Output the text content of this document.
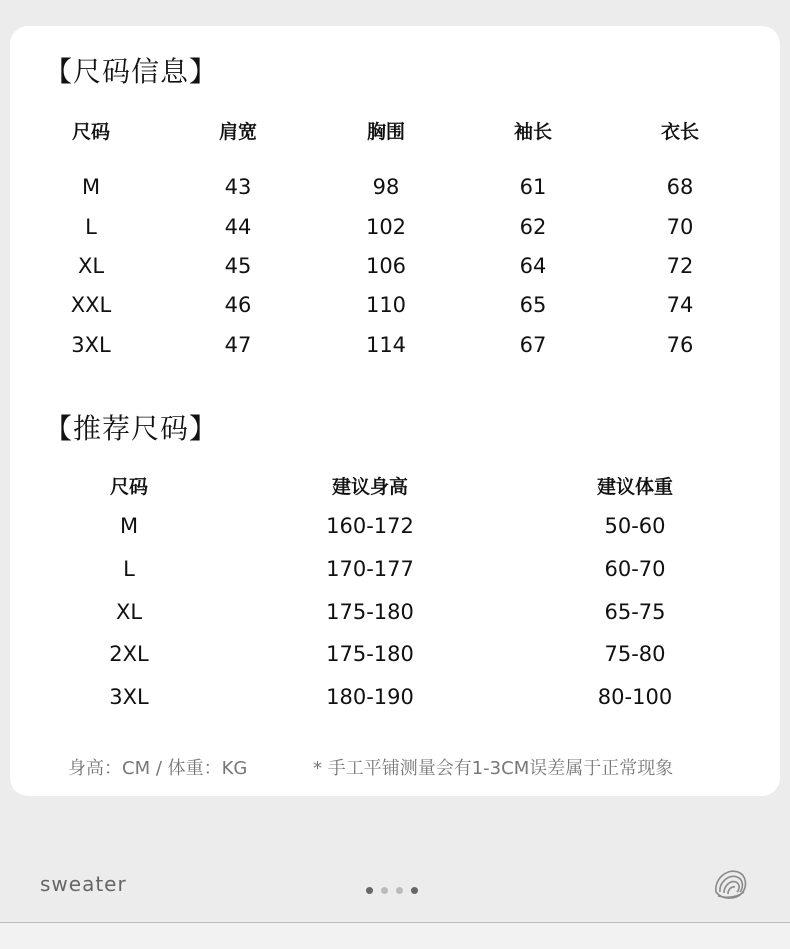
【尺码信息】
尺码	肩宽	胸围	袖长	衣长
M	43	98	61	68
L	44	102	62	70
XL	45	106	64	72
XXL	46	110	65	74
3XL	47	114	67	76
【推荐尺码】
尺码	建议身高	建议体重
M	160-172	50-60
L	170-177	60-70
XL	175-180	65-75
2XL	175-180	75-80
3XL	180-190	80-100
身高：CM / 体重：KG	* 手工平铺测量会有1-3CM误差属于正常现象
sweater
